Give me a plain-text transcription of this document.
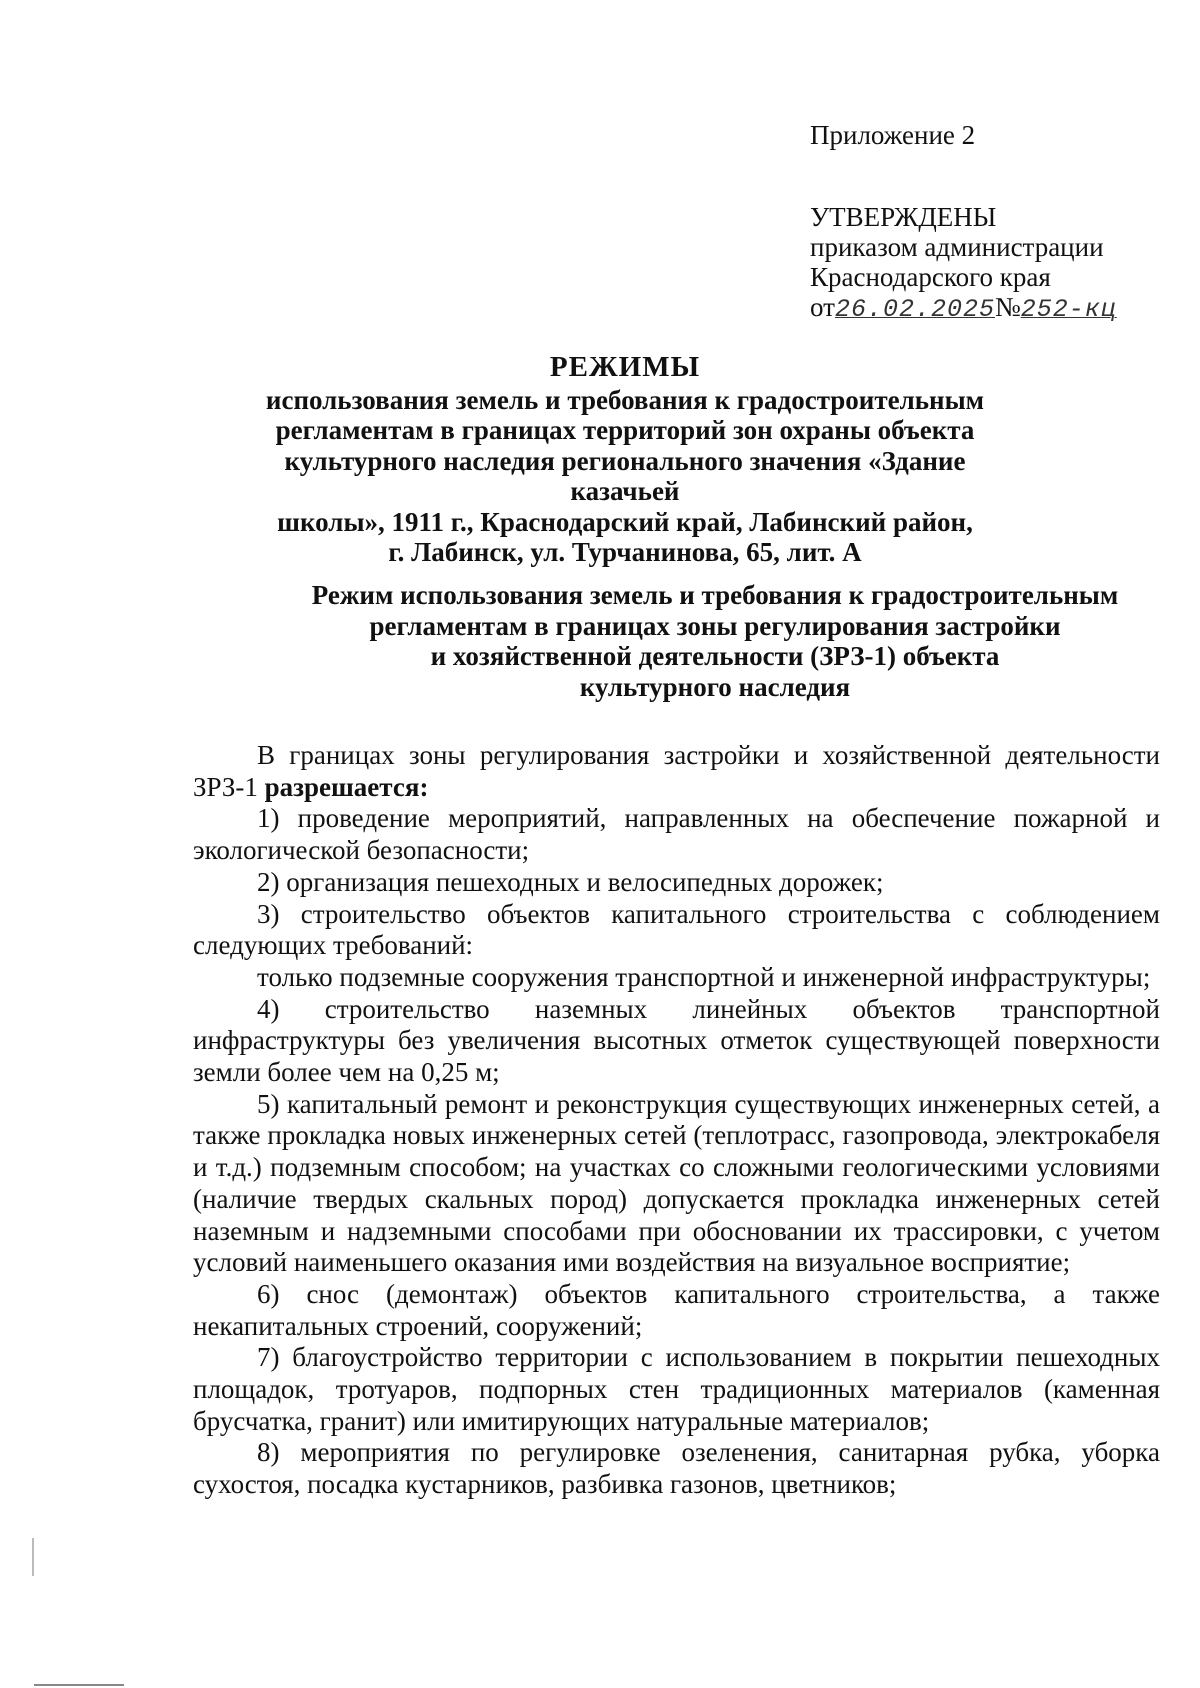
Приложение 2
УТВЕРЖДЕНЫ
приказом администрации
Краснодарского края
от26.02.2025№252-кц
РЕЖИМЫ
использования земель и требования к градостроительным
регламентам в границах территорий зон охраны объекта
культурного наследия регионального значения «Здание казачьей
школы», 1911 г., Краснодарский край, Лабинский район,
г. Лабинск, ул. Турчанинова, 65, лит. А
Режим использования земель и требования к градостроительным
регламентам в границах зоны регулирования застройки
и хозяйственной деятельности (ЗРЗ-1) объекта
культурного наследия

В границах зоны регулирования застройки и хозяйственной деятельности ЗРЗ-1 разрешается:

1) проведение мероприятий, направленных на обеспечение пожарной и экологической безопасности;

2) организация пешеходных и велосипедных дорожек;

3) строительство объектов капитального строительства с соблюдением следующих требований:

только подземные сооружения транспортной и инженерной инфраструктуры;

4) строительство наземных линейных объектов транспортной инфраструктуры без увеличения высотных отметок существующей поверхности земли более чем на 0,25 м;

5) капитальный ремонт и реконструкция существующих инженерных сетей, а также прокладка новых инженерных сетей (теплотрасс, газопровода, электрокабеля и т.д.) подземным способом; на участках со сложными геологическими условиями (наличие твердых скальных пород) допускается прокладка инженерных сетей наземным и надземными способами при обосновании их трассировки, с учетом условий наименьшего оказания ими воздействия на визуальное восприятие;

6) снос (демонтаж) объектов капитального строительства, а также некапитальных строений, сооружений;

7) благоустройство территории с использованием в покрытии пешеходных площадок, тротуаров, подпорных стен традиционных материалов (каменная брусчатка, гранит) или имитирующих натуральные материалов;

8) мероприятия по регулировке озеленения, санитарная рубка, уборка сухостоя, посадка кустарников, разбивка газонов, цветников;
